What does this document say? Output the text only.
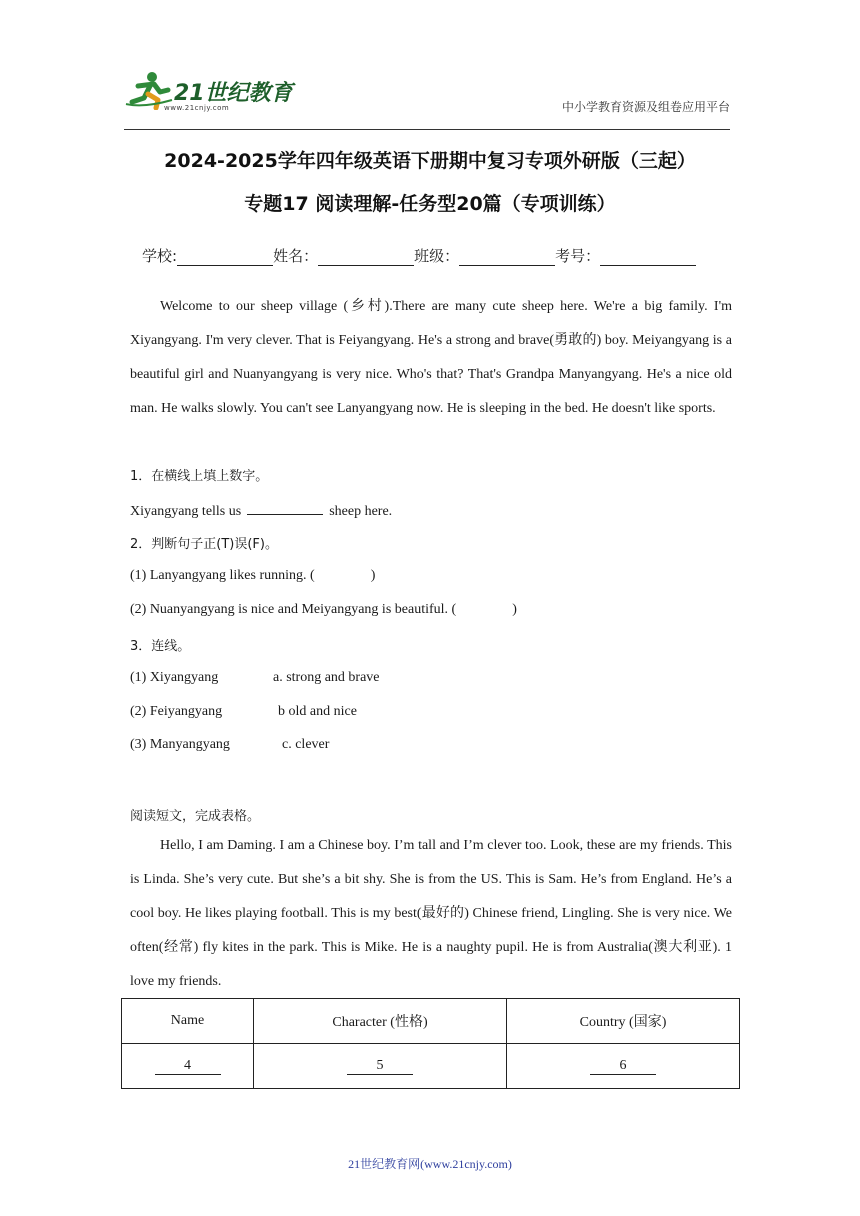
21世纪教育
www.21cnjy.com	中小学教育资源及组卷应用平台
2024-2025学年四年级英语下册期中复习专项外研版（三起）
专题17 阅读理解-任务型20篇（专项训练）
学校:	姓名：	班级：	考号：
Welcome to our sheep village (乡村).There are many cute sheep here. We're a big family. I'm Xiyangyang. I'm very clever. That is Feiyangyang. He's a strong and brave(勇敢的) boy. Meiyangyang is a beautiful girl and Nuanyangyang is very nice. Who's that? That's Grandpa Manyangyang. He's a nice old man. He walks slowly. You can't see Lanyangyang now. He is sleeping in the bed. He doesn't like sports.
1．在横线上填上数字。
Xiyangyang tells us	sheep here.
2．判断句子正(T)误(F)。
(1) Lanyangyang likes running. (	)
(2) Nuanyangyang is nice and Meiyangyang is beautiful. (	)
3．连线。
(1) Xiyangyang	a. strong and brave
(2) Feiyangyang	b old and nice
(3) Manyangyang	c. clever
阅读短文，完成表格。
Hello, I am Daming. I am a Chinese boy. I’m tall and I’m clever too. Look, these are my friends. This is Linda. She’s very cute. But she’s a bit shy. She is from the US. This is Sam. He’s from England. He’s a cool boy. He likes playing football. This is my best(最好的) Chinese friend, Lingling. She is very nice. We often(经常) fly kites in the park. This is Mike. He is a naughty pupil. He is from Australia(澳大利亚). 1 love my friends.
Name	Character (性格)	Country (国家)
4	5	6
21世纪教育网(www.21cnjy.com)
